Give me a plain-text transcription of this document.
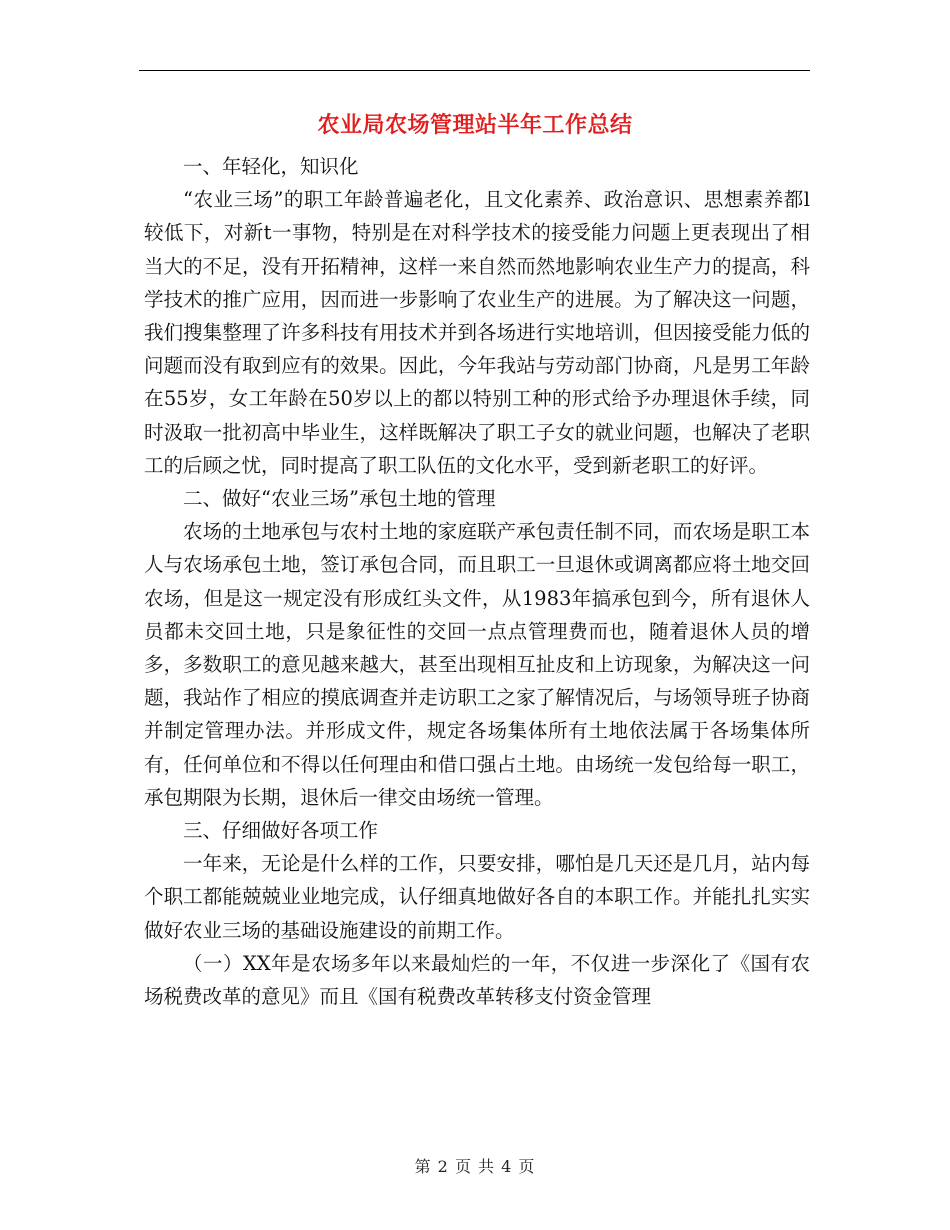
农业局农场管理站半年工作总结

一、年轻化，知识化

“农业三场”的职工年龄普遍老化，且文化素养、政治意识、思想素养都l较低下，对新t一事物，特别是在对科学技术的接受能力问题上更表现出了相当大的不足，没有开拓精神，这样一来自然而然地影响农业生产力的提高，科学技术的推广应用，因而进一步影响了农业生产的进展。为了解决这一问题，我们搜集整理了许多科技有用技术并到各场进行实地培训，但因接受能力低的问题而没有取到应有的效果。因此，今年我站与劳动部门协商，凡是男工年龄在55岁，女工年龄在50岁以上的都以特别工种的形式给予办理退休手续，同时汲取一批初高中毕业生，这样既解决了职工子女的就业问题，也解决了老职工的后顾之忧，同时提高了职工队伍的文化水平，受到新老职工的好评。

二、做好“农业三场”承包土地的管理

农场的土地承包与农村土地的家庭联产承包责任制不同，而农场是职工本人与农场承包土地，签订承包合同，而且职工一旦退休或调离都应将土地交回农场，但是这一规定没有形成红头文件，从1983年搞承包到今，所有退休人员都未交回土地，只是象征性的交回一点点管理费而也，随着退休人员的增多，多数职工的意见越来越大，甚至出现相互扯皮和上访现象，为解决这一问题，我站作了相应的摸底调查并走访职工之家了解情况后，与场领导班子协商并制定管理办法。并形成文件，规定各场集体所有土地依法属于各场集体所有，任何单位和不得以任何理由和借口强占土地。由场统一发包给每一职工，承包期限为长期，退休后一律交由场统一管理。

三、仔细做好各项工作

一年来，无论是什么样的工作，只要安排，哪怕是几天还是几月，站内每个职工都能兢兢业业地完成，认仔细真地做好各自的本职工作。并能扎扎实实做好农业三场的基础设施建设的前期工作。

（一）XX年是农场多年以来最灿烂的一年，不仅进一步深化了《国有农场税费改革的意见》而且《国有税费改革转移支付资金管理

第 2 页 共 4 页
